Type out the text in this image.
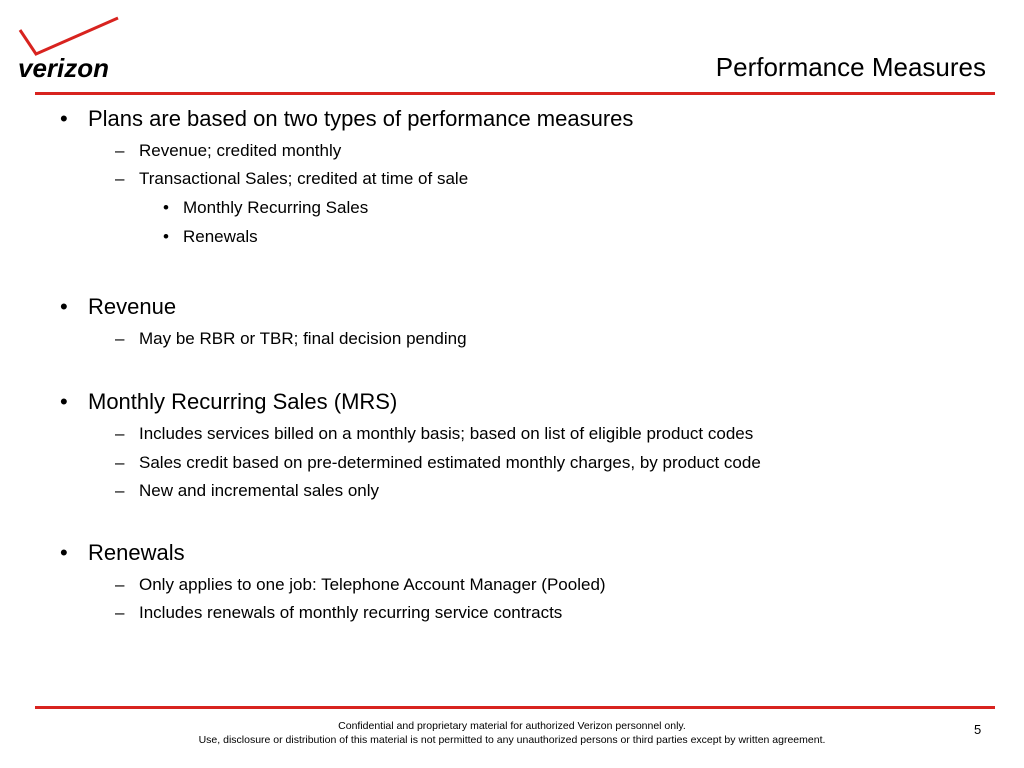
verizon	Performance Measures
• Plans are based on two types of performance measures
– Revenue; credited monthly
– Transactional Sales; credited at time of sale
• Monthly Recurring Sales
• Renewals
• Revenue
– May be RBR or TBR; final decision pending
• Monthly Recurring Sales (MRS)
– Includes services billed on a monthly basis; based on list of eligible product codes
– Sales credit based on pre-determined estimated monthly charges, by product code
– New and incremental sales only
• Renewals
– Only applies to one job: Telephone Account Manager (Pooled)
– Includes renewals of monthly recurring service contracts
Confidential and proprietary material for authorized Verizon personnel only.
Use, disclosure or distribution of this material is not permitted to any unauthorized persons or third parties except by written agreement.
5
